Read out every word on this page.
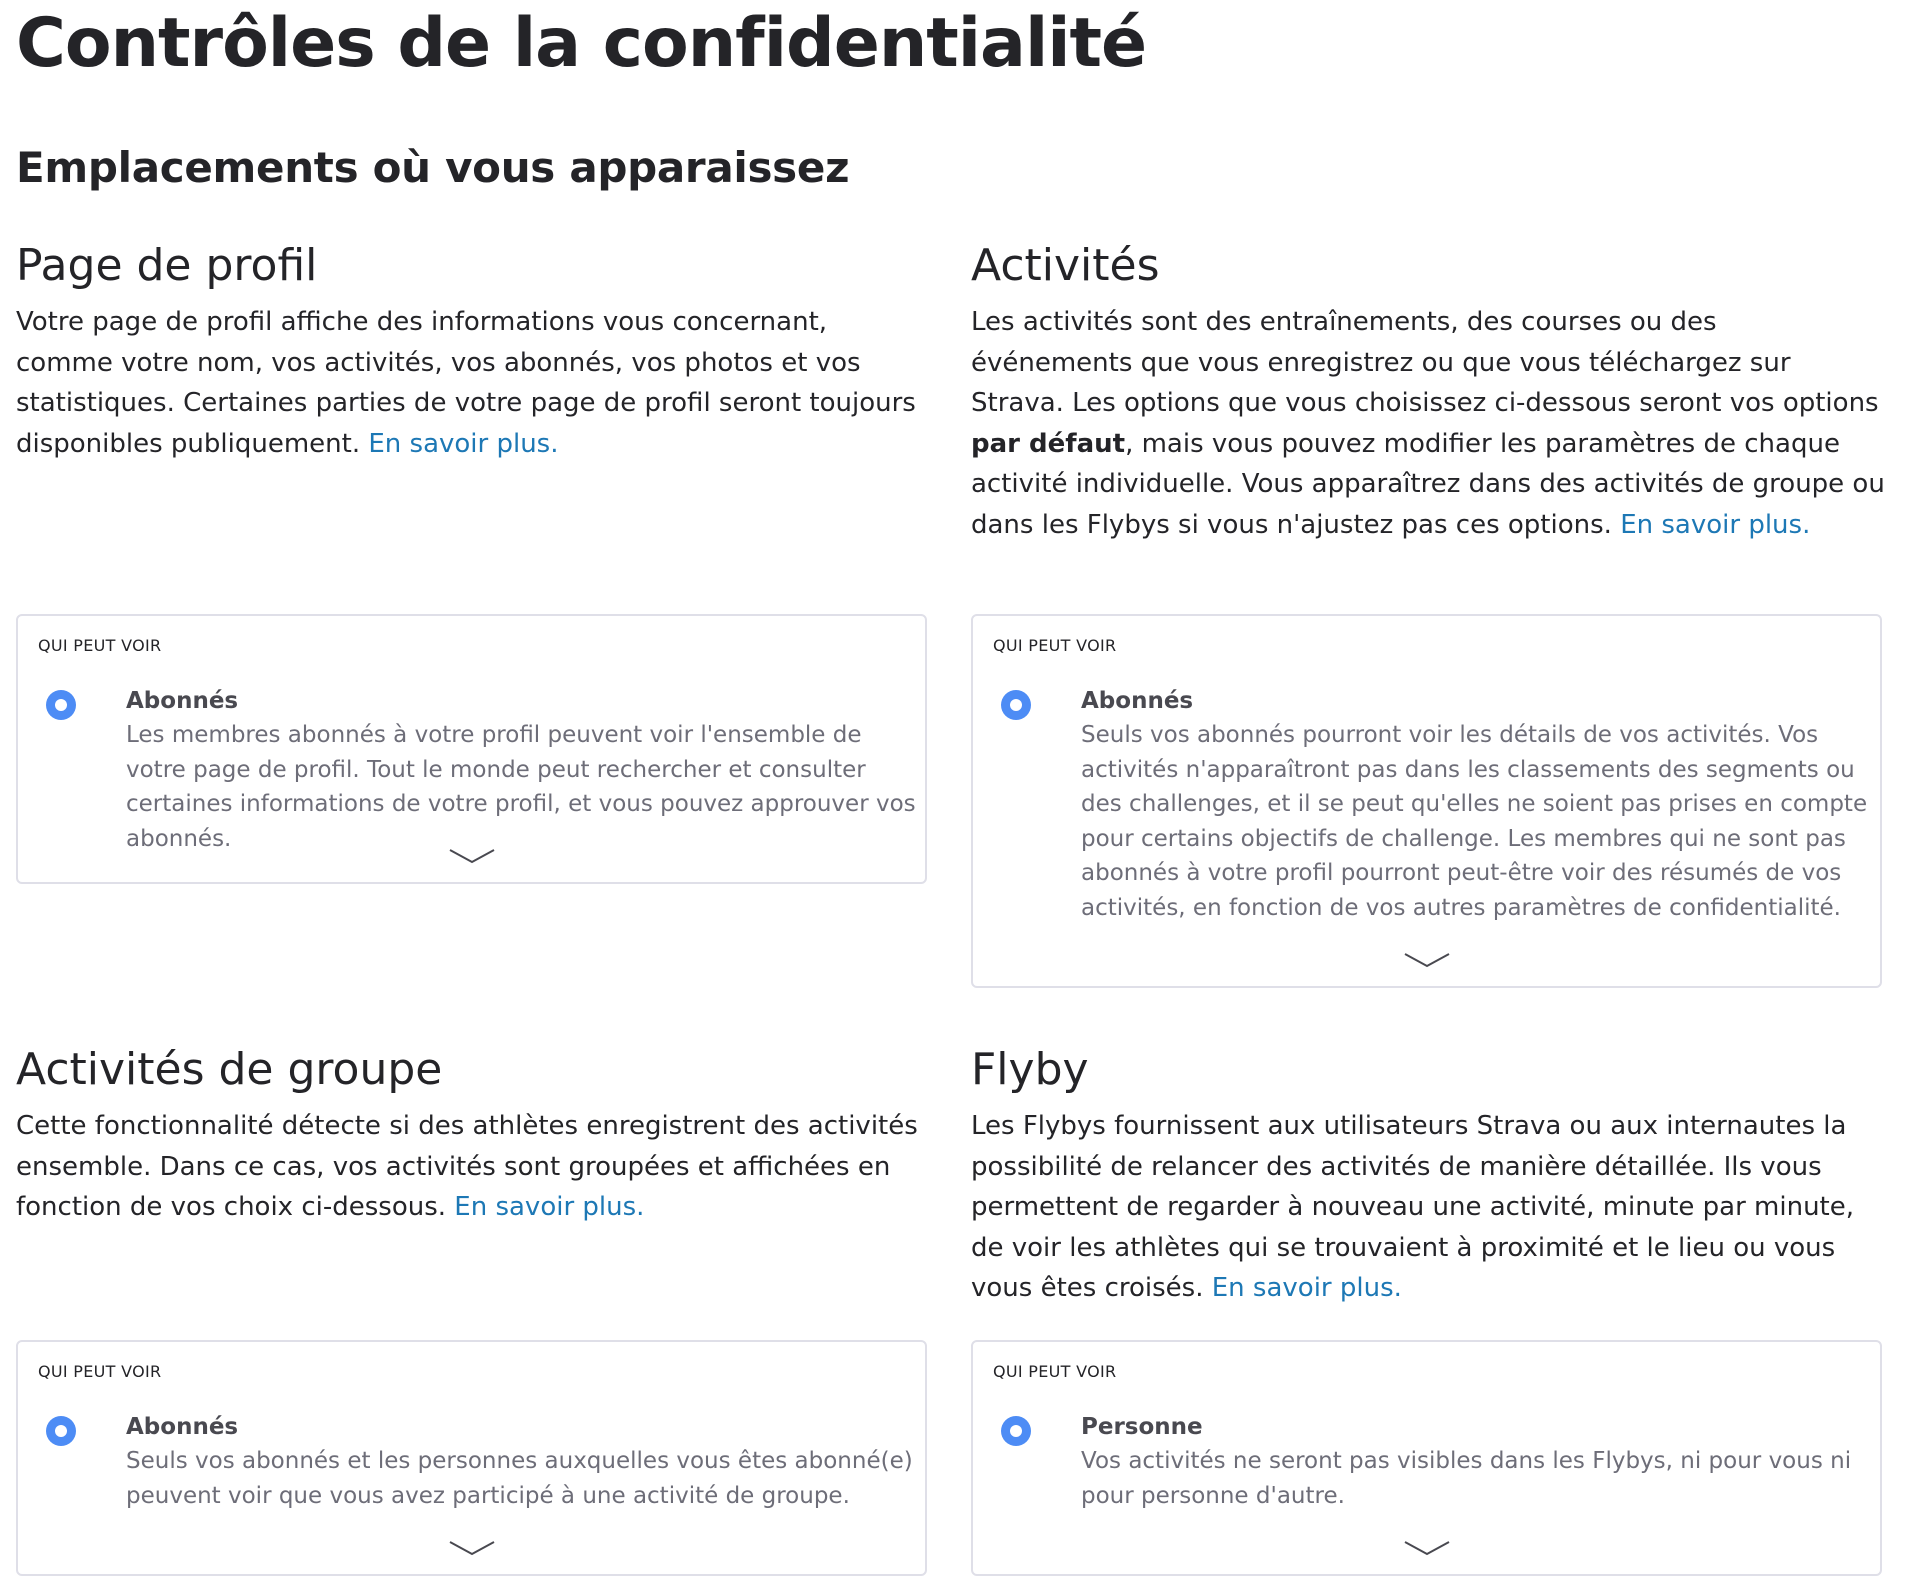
Contrôles de la confidentialité
Emplacements où vous apparaissez
Page de profil

Votre page de profil affiche des informations vous concernant, comme votre nom, vos activités, vos abonnés, vos photos et vos statistiques. Certaines parties de votre page de profil seront toujours disponibles publiquement. En savoir plus.

QUI PEUT VOIR
Abonnés
Les membres abonnés à votre profil peuvent voir l'ensemble de votre page de profil. Tout le monde peut rechercher et consulter certaines informations de votre profil, et vous pouvez approuver vos abonnés.
Activités

Les activités sont des entraînements, des courses ou des événements que vous enregistrez ou que vous téléchargez sur Strava. Les options que vous choisissez ci-dessous seront vos options par défaut, mais vous pouvez modifier les paramètres de chaque activité individuelle. Vous apparaîtrez dans des activités de groupe ou dans les Flybys si vous n'ajustez pas ces options. En savoir plus.

QUI PEUT VOIR
Abonnés
Seuls vos abonnés pourront voir les détails de vos activités. Vos activités n'apparaîtront pas dans les classements des segments ou des challenges, et il se peut qu'elles ne soient pas prises en compte pour certains objectifs de challenge. Les membres qui ne sont pas abonnés à votre profil pourront peut-être voir des résumés de vos activités, en fonction de vos autres paramètres de confidentialité.
Activités de groupe

Cette fonctionnalité détecte si des athlètes enregistrent des activités ensemble. Dans ce cas, vos activités sont groupées et affichées en fonction de vos choix ci-dessous. En savoir plus.

QUI PEUT VOIR
Abonnés
Seuls vos abonnés et les personnes auxquelles vous êtes abonné(e) peuvent voir que vous avez participé à une activité de groupe.
Flyby

Les Flybys fournissent aux utilisateurs Strava ou aux internautes la possibilité de relancer des activités de manière détaillée. Ils vous permettent de regarder à nouveau une activité, minute par minute, de voir les athlètes qui se trouvaient à proximité et le lieu ou vous vous êtes croisés. En savoir plus.

QUI PEUT VOIR
Personne
Vos activités ne seront pas visibles dans les Flybys, ni pour vous ni pour personne d'autre.
